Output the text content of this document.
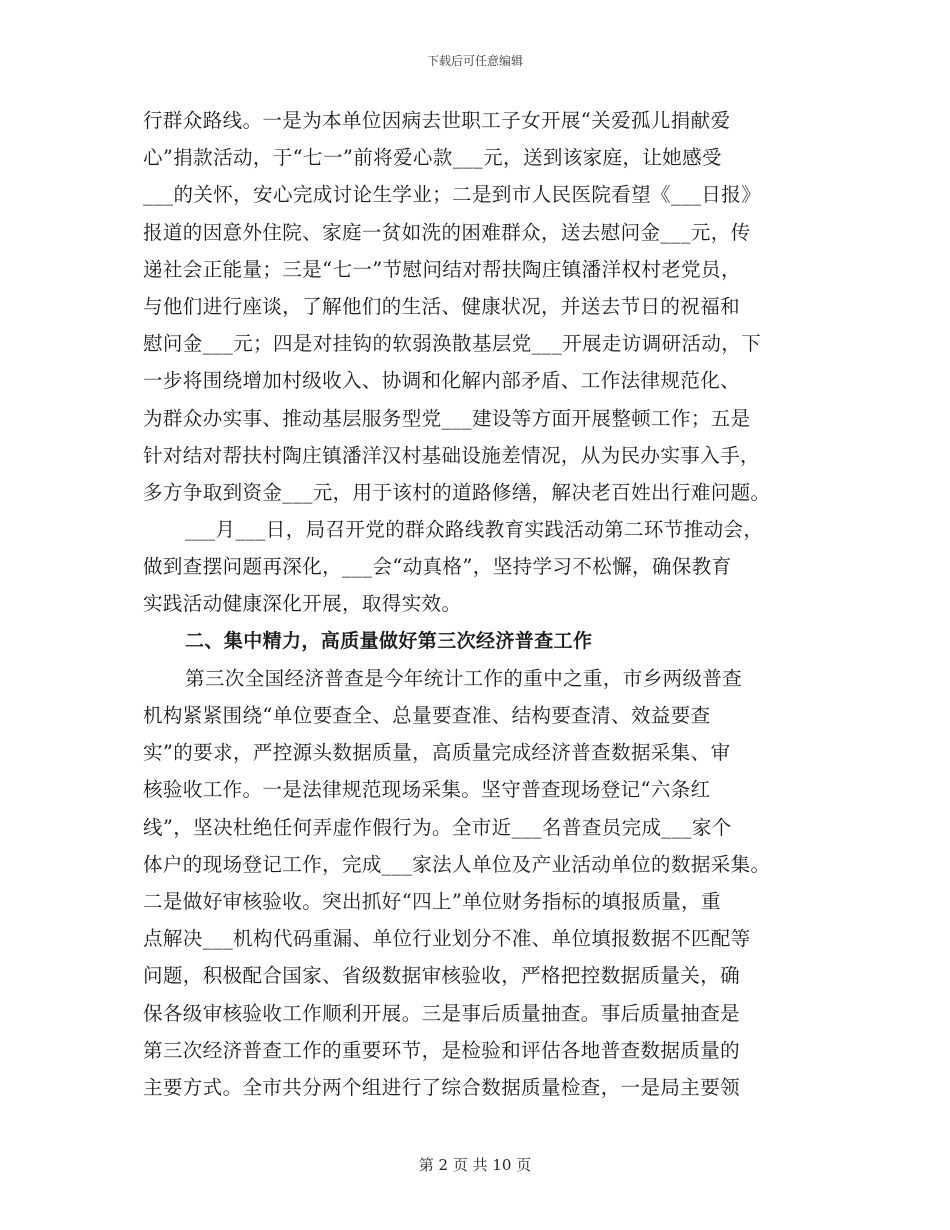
下载后可任意编辑
行群众路线。一是为本单位因病去世职工子女开展“关爱孤儿捐献爱
心”捐款活动，于“七一”前将爱心款___元，送到该家庭，让她感受
___的关怀，安心完成讨论生学业；二是到市人民医院看望《___日报》
报道的因意外住院、家庭一贫如洗的困难群众，送去慰问金___元，传
递社会正能量；三是“七一”节慰问结对帮扶陶庄镇潘洋权村老党员，
与他们进行座谈，了解他们的生活、健康状况，并送去节日的祝福和
慰问金___元；四是对挂钩的软弱涣散基层党___开展走访调研活动，下
一步将围绕增加村级收入、协调和化解内部矛盾、工作法律规范化、
为群众办实事、推动基层服务型党___建设等方面开展整顿工作；五是
针对结对帮扶村陶庄镇潘洋汉村基础设施差情况，从为民办实事入手，
多方争取到资金___元，用于该村的道路修缮，解决老百姓出行难问题。
___月___日，局召开党的群众路线教育实践活动第二环节推动会，
做到查摆问题再深化，___会“动真格”，坚持学习不松懈，确保教育
实践活动健康深化开展，取得实效。
二、集中精力，高质量做好第三次经济普查工作
第三次全国经济普查是今年统计工作的重中之重，市乡两级普查
机构紧紧围绕“单位要查全、总量要查准、结构要查清、效益要查
实”的要求，严控源头数据质量，高质量完成经济普查数据采集、审
核验收工作。一是法律规范现场采集。坚守普查现场登记“六条红
线”，坚决杜绝任何弄虚作假行为。全市近___名普查员完成___家个
体户的现场登记工作，完成___家法人单位及产业活动单位的数据采集。
二是做好审核验收。突出抓好“四上”单位财务指标的填报质量，重
点解决___机构代码重漏、单位行业划分不准、单位填报数据不匹配等
问题，积极配合国家、省级数据审核验收，严格把控数据质量关，确
保各级审核验收工作顺利开展。三是事后质量抽查。事后质量抽查是
第三次经济普查工作的重要环节，是检验和评估各地普查数据质量的
主要方式。全市共分两个组进行了综合数据质量检查，一是局主要领
第 2 页 共 10 页
